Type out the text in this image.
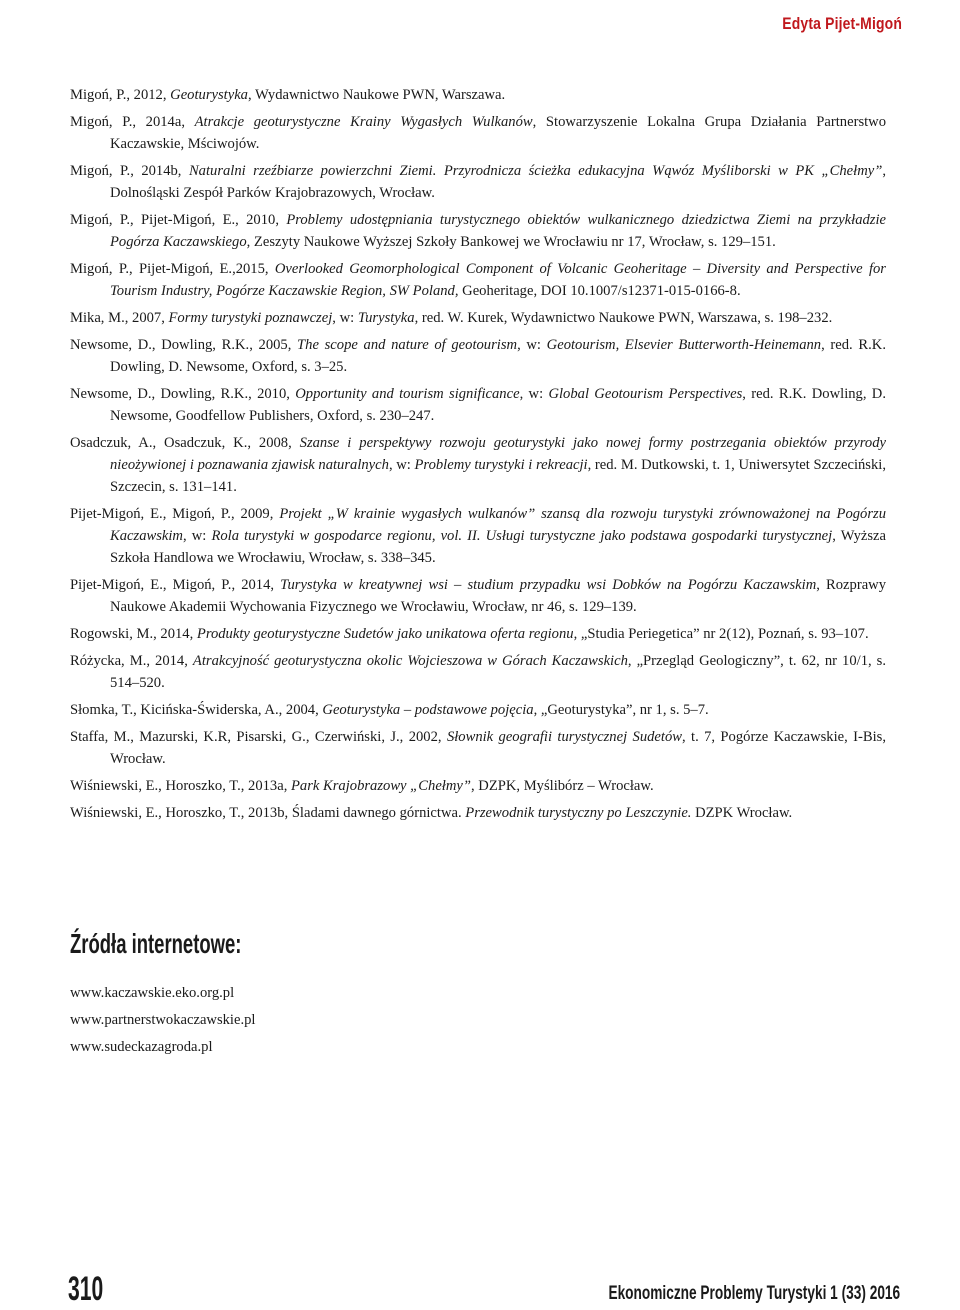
Edyta Pijet-Migoń
Migoń, P., 2012, Geoturystyka, Wydawnictwo Naukowe PWN, Warszawa.
Migoń, P., 2014a, Atrakcje geoturystyczne Krainy Wygasłych Wulkanów, Stowarzyszenie Lokalna Grupa Działania Partnerstwo Kaczawskie, Mściwojów.
Migoń, P., 2014b, Naturalni rzeźbiarze powierzchni Ziemi. Przyrodnicza ścieżka edukacyjna Wąwóz Myśliborski w PK „Chełmy”, Dolnośląski Zespół Parków Krajobrazowych, Wrocław.
Migoń, P., Pijet-Migoń, E., 2010, Problemy udostępniania turystycznego obiektów wulkanicznego dziedzictwa Ziemi na przykładzie Pogórza Kaczawskiego, Zeszyty Naukowe Wyższej Szkoły Bankowej we Wrocławiu nr 17, Wrocław, s. 129–151.
Migoń, P., Pijet-Migoń, E.,2015, Overlooked Geomorphological Component of Volcanic Geoheritage – Diversity and Perspective for Tourism Industry, Pogórze Kaczawskie Region, SW Poland, Geoheritage, DOI 10.1007/s12371-015-0166-8.
Mika, M., 2007, Formy turystyki poznawczej, w: Turystyka, red. W. Kurek, Wydawnictwo Naukowe PWN, Warszawa, s. 198–232.
Newsome, D., Dowling, R.K., 2005, The scope and nature of geotourism, w: Geotourism, Elsevier Butterworth-Heinemann, red. R.K. Dowling, D. Newsome, Oxford, s. 3–25.
Newsome, D., Dowling, R.K., 2010, Opportunity and tourism significance, w: Global Geotourism Perspectives, red. R.K. Dowling, D. Newsome, Goodfellow Publishers, Oxford, s. 230–247.
Osadczuk, A., Osadczuk, K., 2008, Szanse i perspektywy rozwoju geoturystyki jako nowej formy postrzegania obiektów przyrody nieożywionej i poznawania zjawisk naturalnych, w: Problemy turystyki i rekreacji, red. M. Dutkowski, t. 1, Uniwersytet Szczeciński, Szczecin, s. 131–141.
Pijet-Migoń, E., Migoń, P., 2009, Projekt „W krainie wygasłych wulkanów” szansą dla rozwoju turystyki zrównoważonej na Pogórzu Kaczawskim, w: Rola turystyki w gospodarce regionu, vol. II. Usługi turystyczne jako podstawa gospodarki turystycznej, Wyższa Szkoła Handlowa we Wrocławiu, Wrocław, s. 338–345.
Pijet-Migoń, E., Migoń, P., 2014, Turystyka w kreatywnej wsi – studium przypadku wsi Dobków na Pogórzu Kaczawskim, Rozprawy Naukowe Akademii Wychowania Fizycznego we Wrocławiu, Wrocław, nr 46, s. 129–139.
Rogowski, M., 2014, Produkty geoturystyczne Sudetów jako unikatowa oferta regionu, „Studia Periegetica” nr 2(12), Poznań, s. 93–107.
Różycka, M., 2014, Atrakcyjność geoturystyczna okolic Wojcieszowa w Górach Kaczawskich, „Przegląd Geologiczny”, t. 62, nr 10/1, s. 514–520.
Słomka, T., Kicińska-Świderska, A., 2004, Geoturystyka – podstawowe pojęcia, „Geoturystyka”, nr 1, s. 5–7.
Staffa, M., Mazurski, K.R, Pisarski, G., Czerwiński, J., 2002, Słownik geografii turystycznej Sudetów, t. 7, Pogórze Kaczawskie, I-Bis, Wrocław.
Wiśniewski, E., Horoszko, T., 2013a, Park Krajobrazowy „Chełmy”, DZPK, Myślibórz – Wrocław.
Wiśniewski, E., Horoszko, T., 2013b, Śladami dawnego górnictwa. Przewodnik turystyczny po Leszczynie. DZPK Wrocław.
Źródła internetowe:
www.kaczawskie.eko.org.pl
www.partnerstwokaczawskie.pl
www.sudeckazagroda.pl
310	Ekonomiczne Problemy Turystyki 1 (33) 2016
